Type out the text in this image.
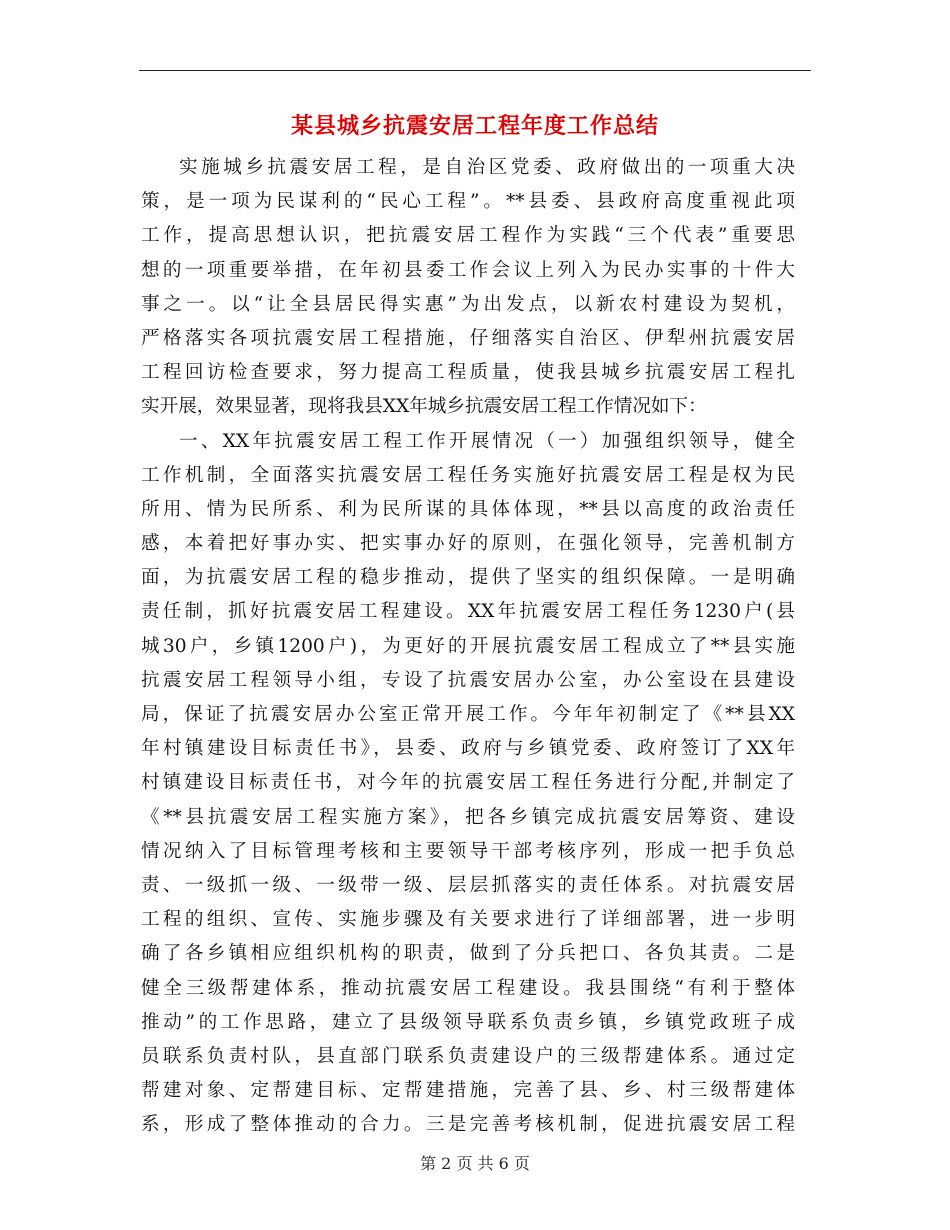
某县城乡抗震安居工程年度工作总结
实施城乡抗震安居工程，是自治区党委、政府做出的一项重大决
策，是一项为民谋利的“民心工程”。**县委、县政府高度重视此项
工作，提高思想认识，把抗震安居工程作为实践“三个代表”重要思
想的一项重要举措，在年初县委工作会议上列入为民办实事的十件大
事之一。以“让全县居民得实惠”为出发点，以新农村建设为契机，
严格落实各项抗震安居工程措施，仔细落实自治区、伊犁州抗震安居
工程回访检查要求，努力提高工程质量，使我县城乡抗震安居工程扎
实开展，效果显著，现将我县XX年城乡抗震安居工程工作情况如下：
一、XX年抗震安居工程工作开展情况（一）加强组织领导，健全
工作机制，全面落实抗震安居工程任务实施好抗震安居工程是权为民
所用、情为民所系、利为民所谋的具体体现，**县以高度的政治责任
感，本着把好事办实、把实事办好的原则，在强化领导，完善机制方
面，为抗震安居工程的稳步推动，提供了坚实的组织保障。一是明确
责任制，抓好抗震安居工程建设。XX年抗震安居工程任务1230户(县
城30户，乡镇1200户)，为更好的开展抗震安居工程成立了**县实施
抗震安居工程领导小组，专设了抗震安居办公室，办公室设在县建设
局，保证了抗震安居办公室正常开展工作。今年年初制定了《**县XX
年村镇建设目标责任书》，县委、政府与乡镇党委、政府签订了XX年
村镇建设目标责任书，对今年的抗震安居工程任务进行分配,并制定了
《**县抗震安居工程实施方案》，把各乡镇完成抗震安居筹资、建设
情况纳入了目标管理考核和主要领导干部考核序列，形成一把手负总
责、一级抓一级、一级带一级、层层抓落实的责任体系。对抗震安居
工程的组织、宣传、实施步骤及有关要求进行了详细部署，进一步明
确了各乡镇相应组织机构的职责，做到了分兵把口、各负其责。二是
健全三级帮建体系，推动抗震安居工程建设。我县围绕“有利于整体
推动”的工作思路，建立了县级领导联系负责乡镇，乡镇党政班子成
员联系负责村队，县直部门联系负责建设户的三级帮建体系。通过定
帮建对象、定帮建目标、定帮建措施，完善了县、乡、村三级帮建体
系，形成了整体推动的合力。三是完善考核机制，促进抗震安居工程
第 2 页 共 6 页
